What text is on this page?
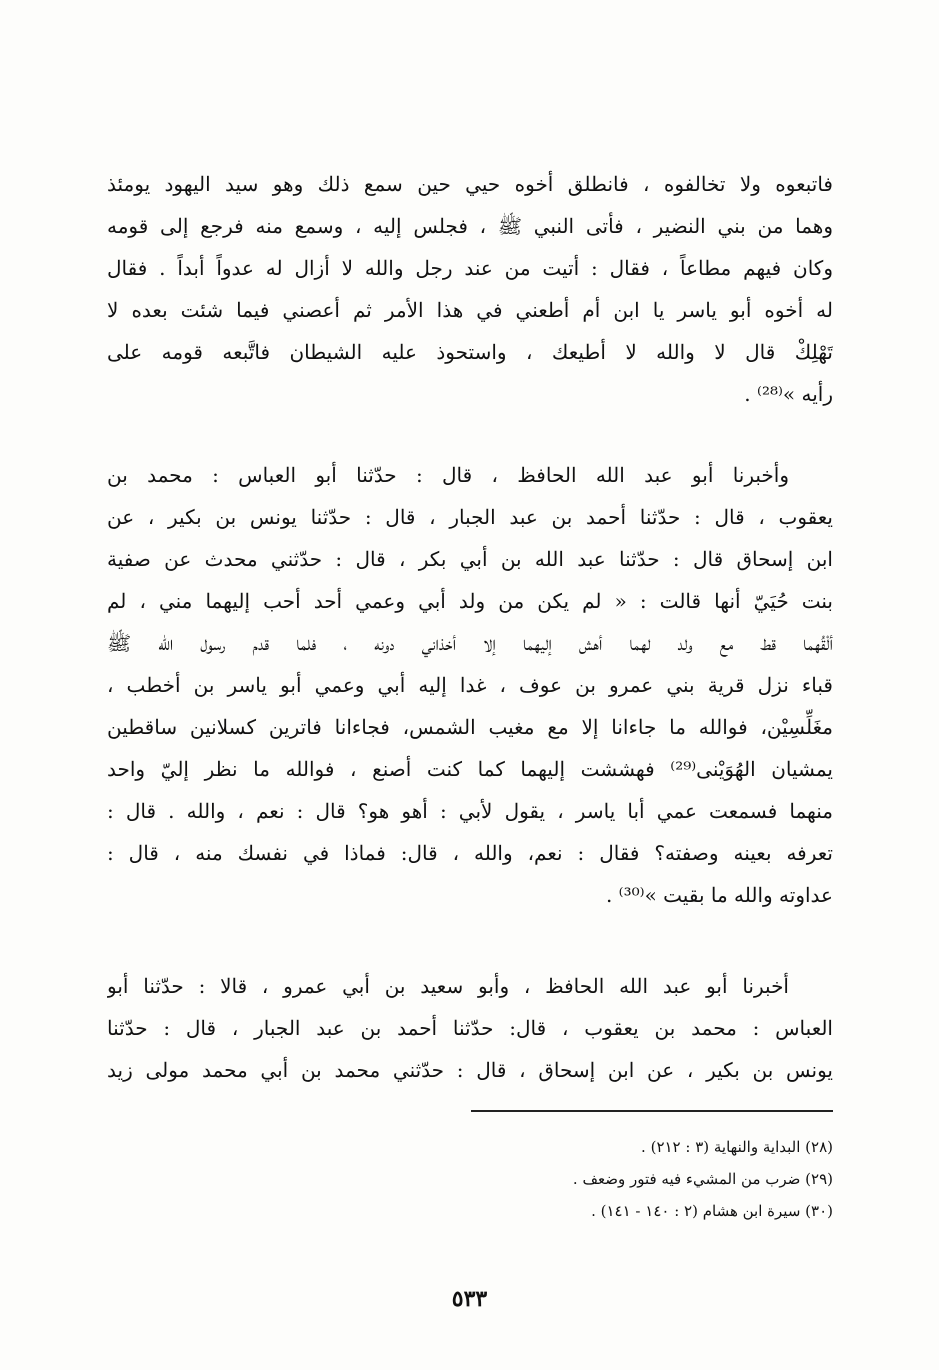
فاتبعوه ولا تخالفوه ، فانطلق أخوه حيي حين سمع ذلك وهو سيد اليهود يومئذ
وهما من بني النضير ، فأتى النبي ﷺ ، فجلس إليه ، وسمع منه فرجع إلى قومه
وكان فيهم مطاعاً ، فقال : أتيت من عند رجل والله لا أزال له عدواً أبداً . فقال
له أخوه أبو ياسر يا ابن أم أطعني في هذا الأمر ثم أعصني فيما شئت بعده لا
تَهْلِكْ قال لا والله لا أطيعك ، واستحوذ عليه الشيطان فاتَّبعه قومه على
رأيه »⁽²⁸⁾ .
وأخبرنا أبو عبد الله الحافظ ، قال : حدّثنا أبو العباس : محمد بن
يعقوب ، قال : حدّثنا أحمد بن عبد الجبار ، قال : حدّثنا يونس بن بكير ، عن
ابن إسحاق قال : حدّثنا عبد الله بن أبي بكر ، قال : حدّثني محدث عن صفية
بنت حُيَيّ أنها قالت : « لم يكن من ولد أبي وعمي أحد أحب إليهما مني ، لم
ألْقُهما قط مع ولد لهما أهش إليهما إلا أخذاني دونه ، فلما قدم رسول الله ﷺ
قباء نزل قرية بني عمرو بن عوف ، غدا إليه أبي وعمي أبو ياسر بن أخطب ،
مغَلِّسِيْن، فوالله ما جاءانا إلا مع مغيب الشمس، فجاءانا فاترين كسلانين ساقطين
يمشيان الهُوَيْنى⁽²⁹⁾ فهششت إليهما كما كنت أصنع ، فوالله ما نظر إليّ واحد
منهما فسمعت عمي أبا ياسر ، يقول لأبي : أهو هو؟ قال : نعم ، والله . قال :
تعرفه بعينه وصفته؟ فقال : نعم، والله ، قال: فماذا في نفسك منه ، قال :
عداوته والله ما بقيت »⁽³⁰⁾ .
أخبرنا أبو عبد الله الحافظ ، وأبو سعيد بن أبي عمرو ، قالا : حدّثنا أبو
العباس : محمد بن يعقوب ، قال: حدّثنا أحمد بن عبد الجبار ، قال : حدّثنا
يونس بن بكير ، عن ابن إسحاق ، قال : حدّثني محمد بن أبي محمد مولى زيد
(٢٨) البداية والنهاية (٣ : ٢١٢) .
(٢٩) ضرب من المشيء فيه فتور وضعف .
(٣٠) سيرة ابن هشام (٢ : ١٤٠ - ١٤١) .
٥٣٣
